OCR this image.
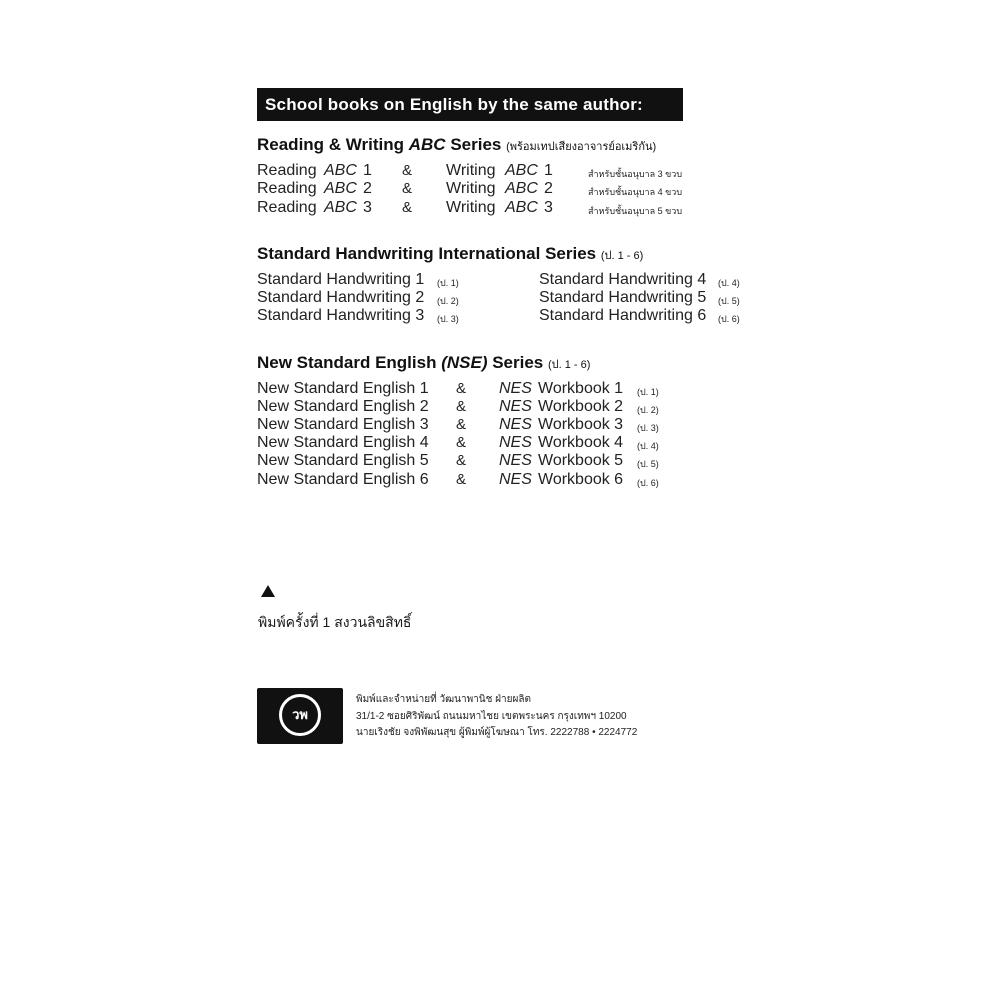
School books on English by the same author:
Reading & Writing ABC Series (พร้อมเทปเสียงอาจารย์อเมริกัน)
Reading ABC 1 & Writing ABC 1	สำหรับชั้นอนุบาล 3 ขวบ
Reading ABC 2 & Writing ABC 2	สำหรับชั้นอนุบาล 4 ขวบ
Reading ABC 3 & Writing ABC 3	สำหรับชั้นอนุบาล 5 ขวบ
Standard Handwriting International Series (ป. 1 - 6)
Standard Handwriting 1 (ป. 1)
Standard Handwriting 2 (ป. 2)
Standard Handwriting 3 (ป. 3)
Standard Handwriting 4 (ป. 4)
Standard Handwriting 5 (ป. 5)
Standard Handwriting 6 (ป. 6)
New Standard English (NSE) Series (ป. 1 - 6)
New Standard English 1 & NES Workbook 1 (ป. 1)
New Standard English 2 & NES Workbook 2 (ป. 2)
New Standard English 3 & NES Workbook 3 (ป. 3)
New Standard English 4 & NES Workbook 4 (ป. 4)
New Standard English 5 & NES Workbook 5 (ป. 5)
New Standard English 6 & NES Workbook 6 (ป. 6)
พิมพ์ครั้งที่ 1 สงวนลิขสิทธิ์
วพ
พิมพ์และจำหน่ายที่ วัฒนาพานิช ฝ่ายผลิต
31/1-2 ซอยศิริพัฒน์ ถนนมหาไชย เขตพระนคร กรุงเทพฯ 10200
นายเริงชัย จงพิพัฒนสุข ผู้พิมพ์ผู้โฆษณา โทร. 2222788 • 2224772
